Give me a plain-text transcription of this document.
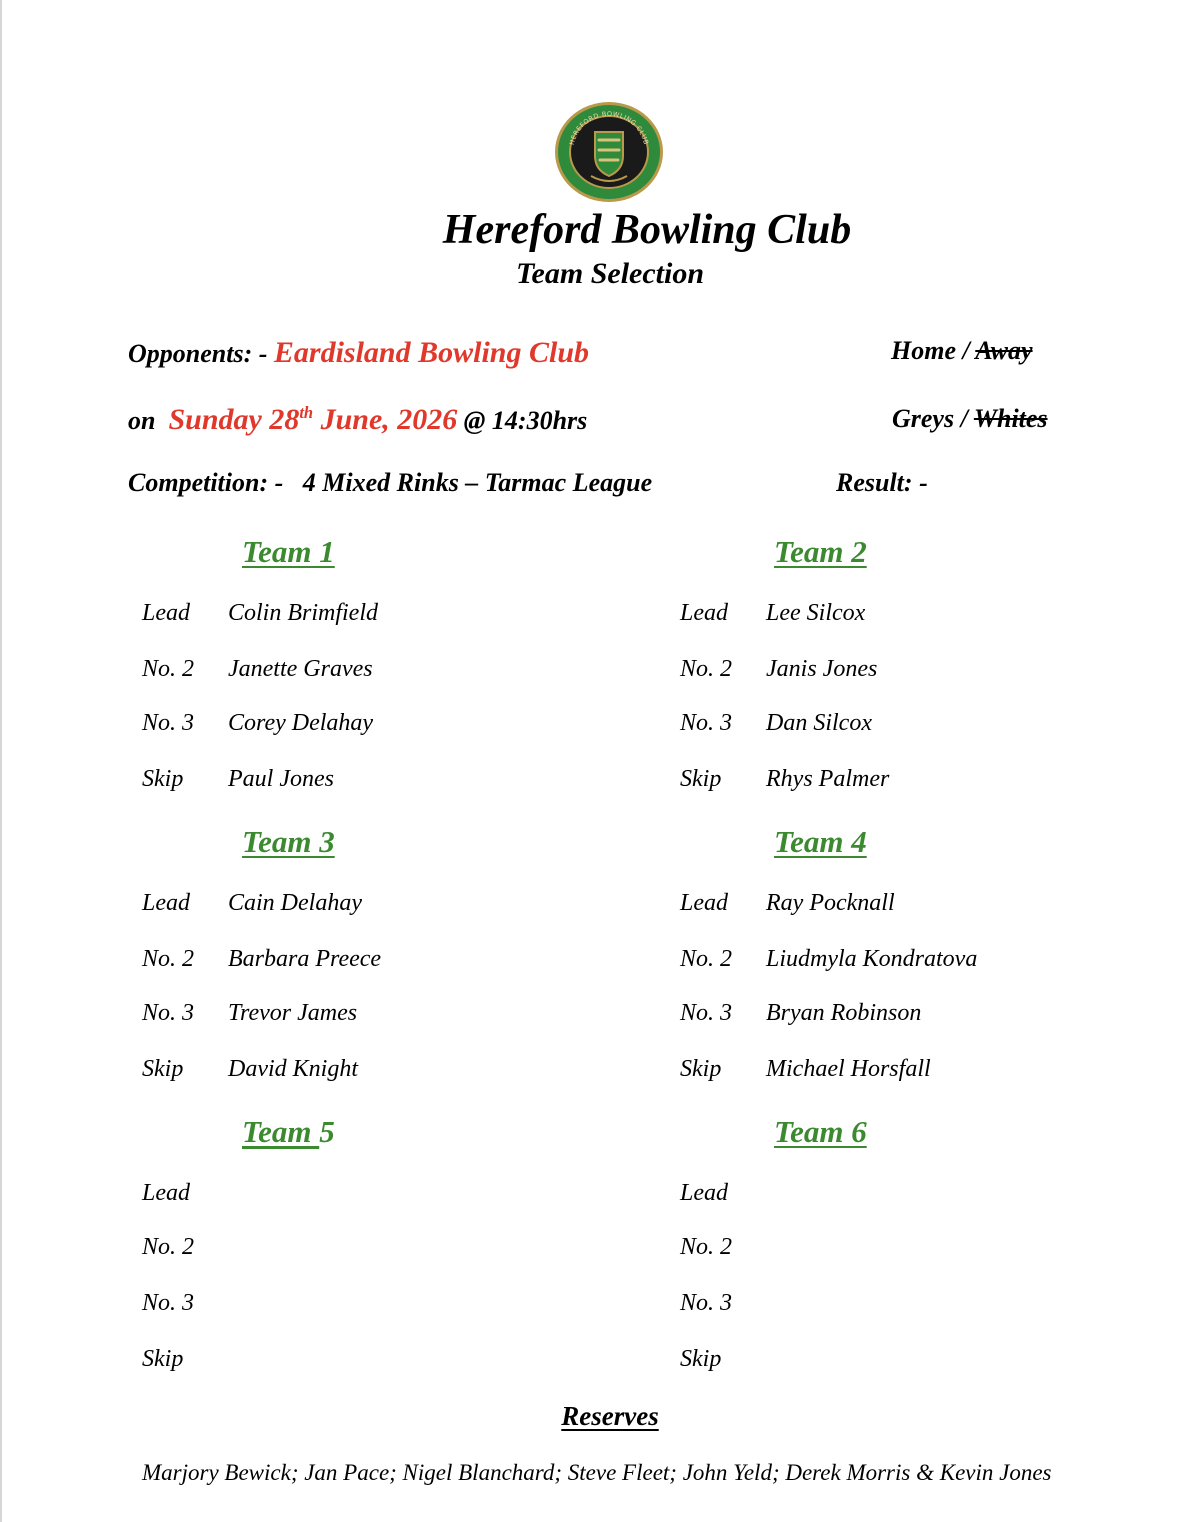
HEREFORD BOWLING CLUB
Hereford Bowling Club
Team Selection
Opponents: - Eardisland Bowling Club	Home / Away
on Sunday 28th June, 2026 @ 14:30hrs	Greys / Whites
Competition: - 4 Mixed Rinks – Tarmac League	Result: -
Team 1
Lead Colin Brimfield
No. 2 Janette Graves
No. 3 Corey Delahay
Skip Paul Jones
Team 2
Lead Lee Silcox
No. 2 Janis Jones
No. 3 Dan Silcox
Skip Rhys Palmer
Team 3
Lead Cain Delahay
No. 2 Barbara Preece
No. 3 Trevor James
Skip David Knight
Team 4
Lead Ray Pocknall
No. 2 Liudmyla Kondratova
No. 3 Bryan Robinson
Skip Michael Horsfall
Team 5
Lead
No. 2
No. 3
Skip
Team 6
Lead
No. 2
No. 3
Skip
Reserves
Marjory Bewick; Jan Pace; Nigel Blanchard; Steve Fleet; John Yeld; Derek Morris & Kevin Jones
